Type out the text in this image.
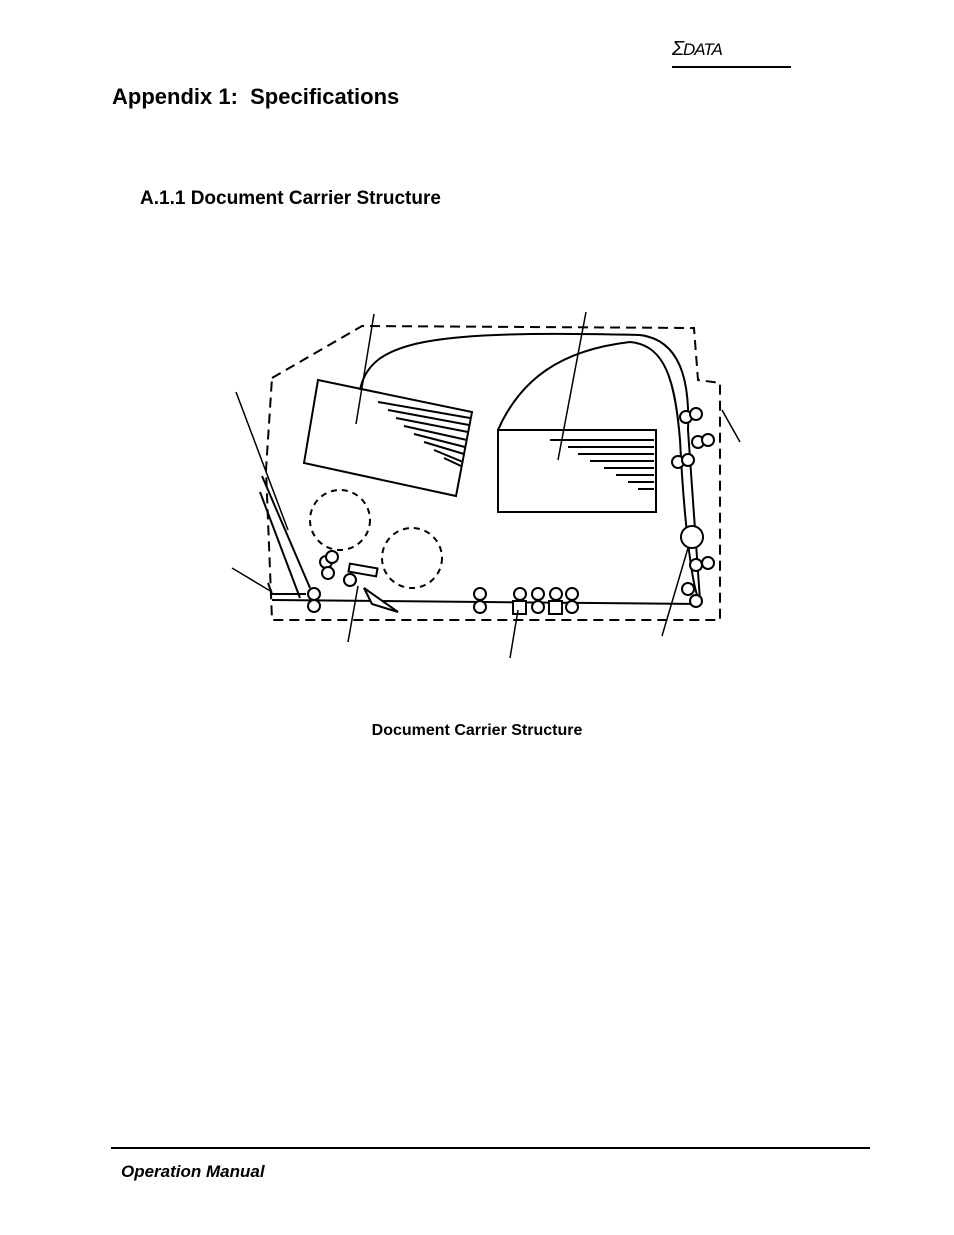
ΣDATA
Appendix 1:  Specifications
A.1.1 Document Carrier Structure
Document Carrier Structure
Operation Manual
